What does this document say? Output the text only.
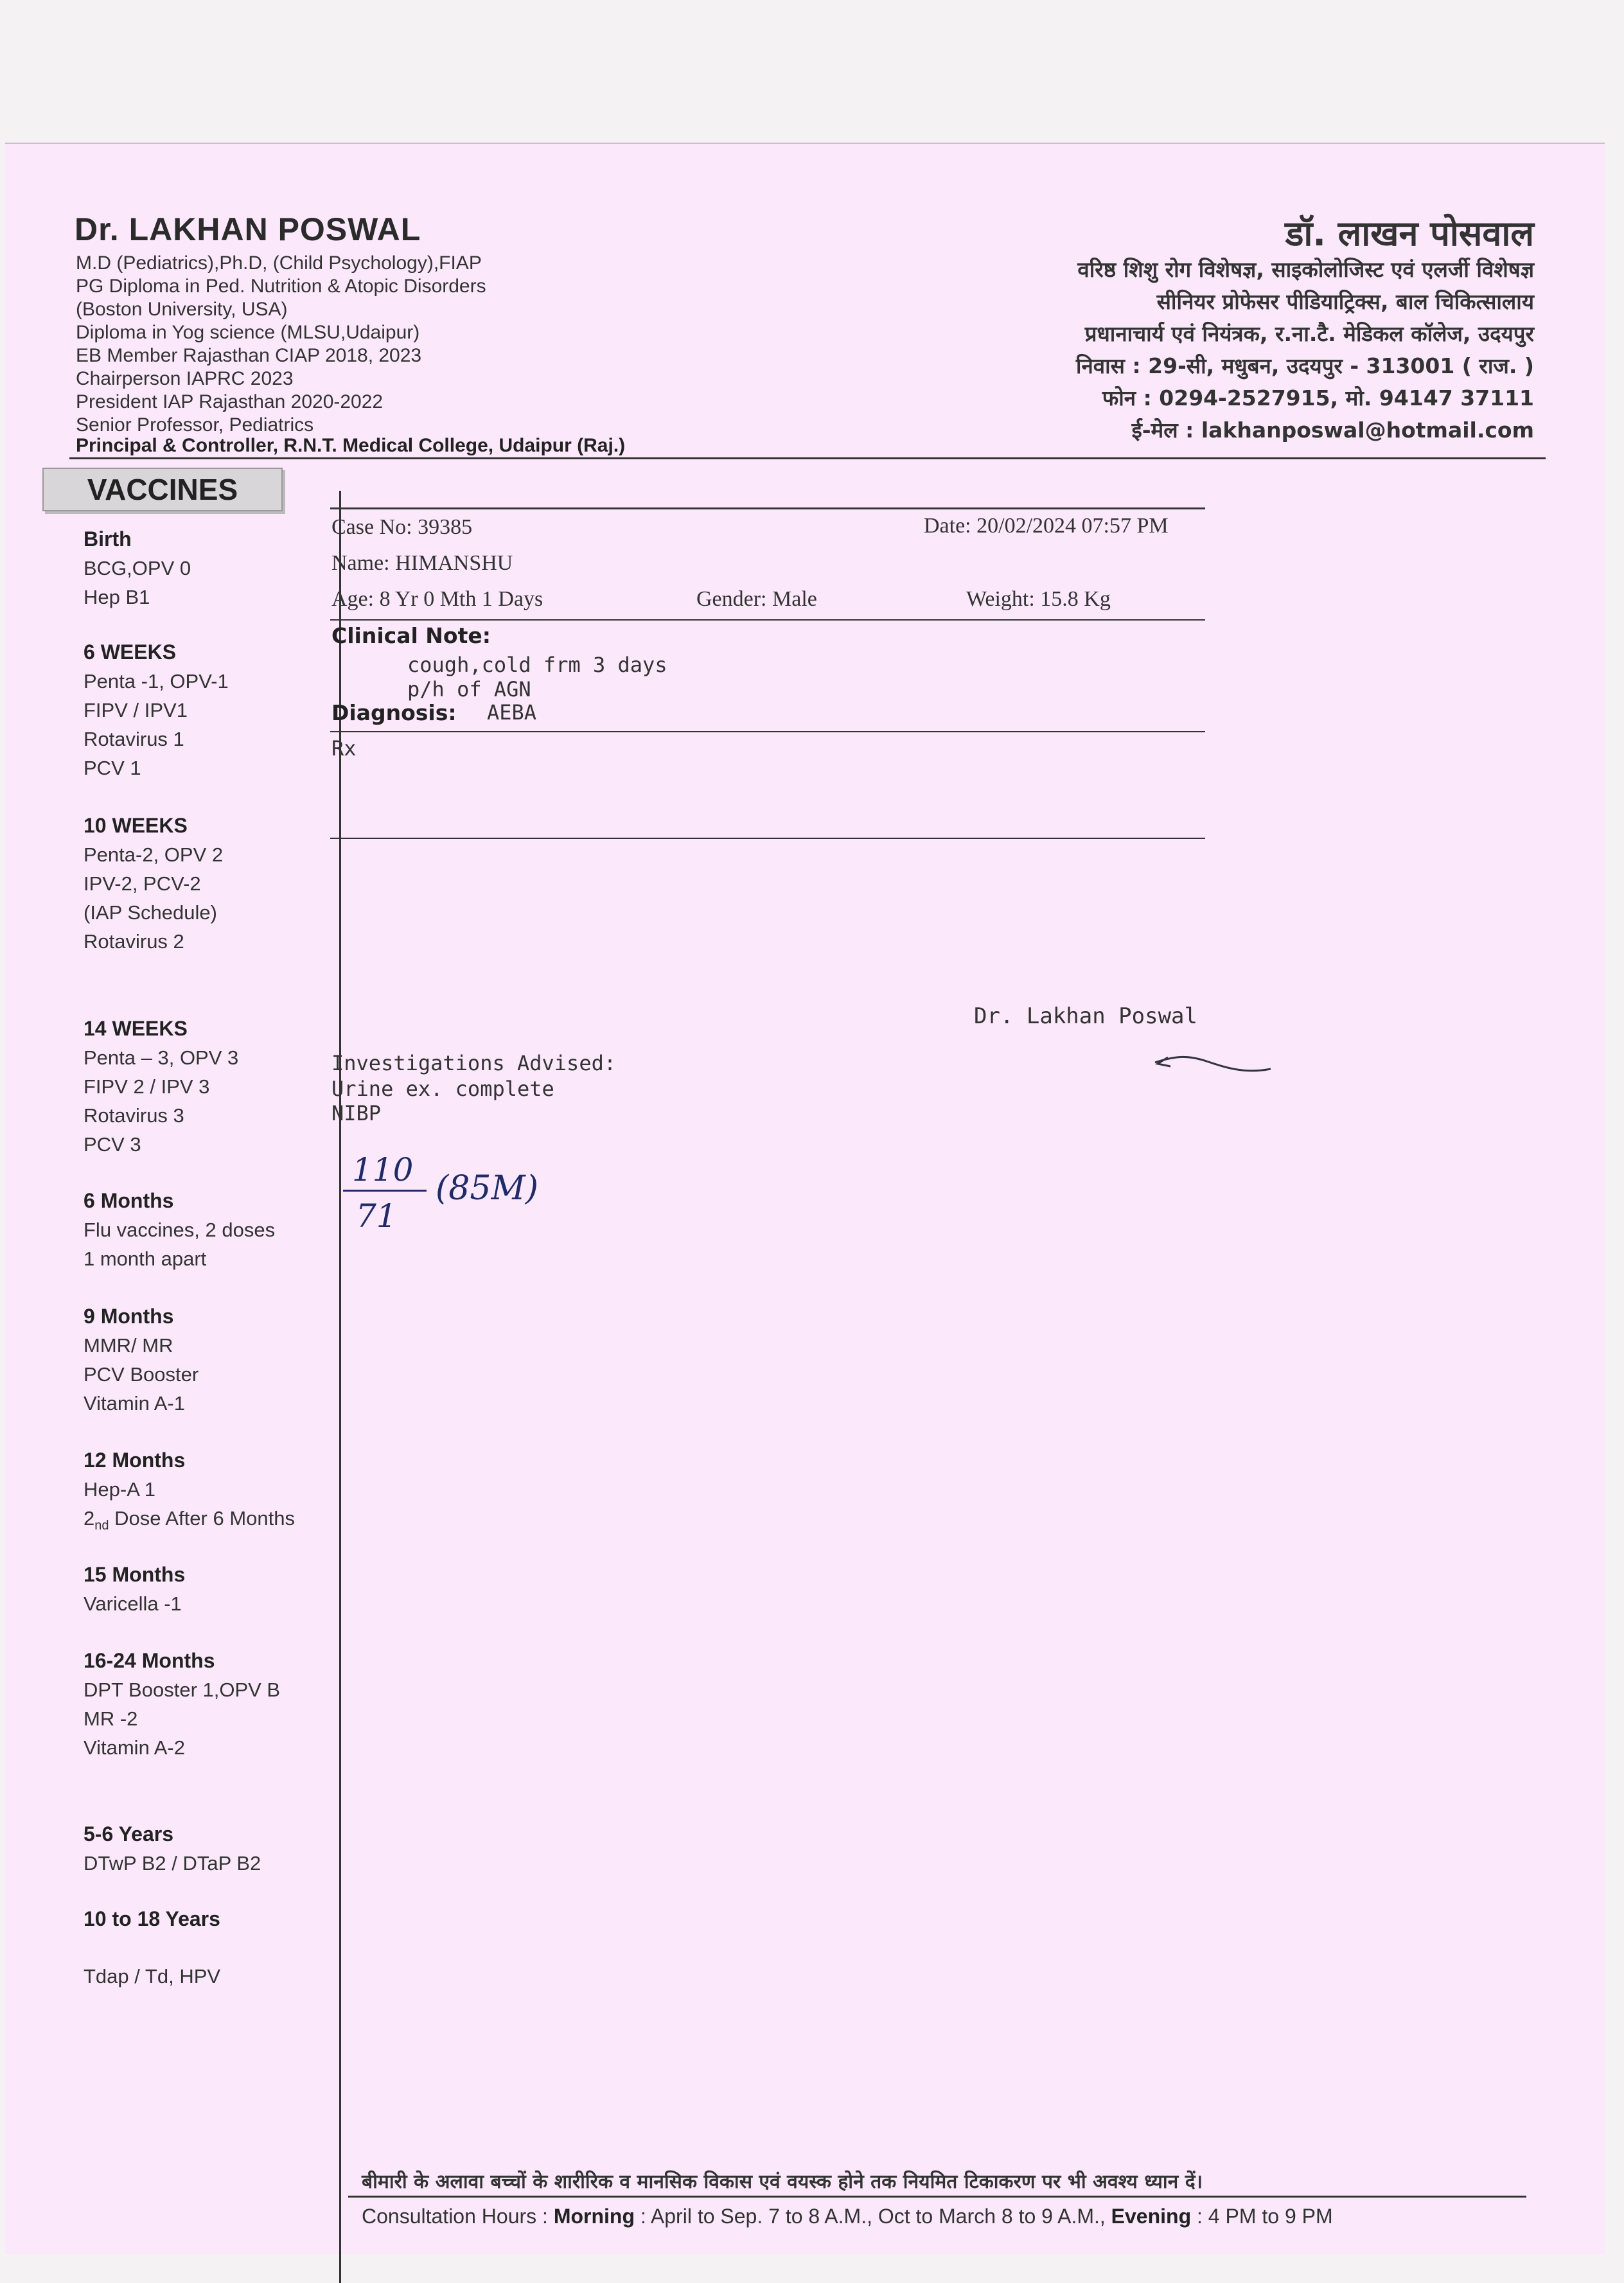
Dr. LAKHAN POSWAL
M.D (Pediatrics),Ph.D, (Child Psychology),FIAP
PG Diploma in Ped. Nutrition & Atopic Disorders
(Boston University, USA)
Diploma in Yog science (MLSU,Udaipur)
EB Member Rajasthan CIAP 2018, 2023
Chairperson IAPRC 2023
President IAP Rajasthan 2020-2022
Senior Professor, Pediatrics
Principal & Controller, R.N.T. Medical College, Udaipur (Raj.)
डॉ. लाखन पोसवाल
वरिष्ठ शिशु रोग विशेषज्ञ, साइकोलोजिस्ट एवं एलर्जी विशेषज्ञ
सीनियर प्रोफेसर पीडियाट्रिक्स, बाल चिकित्सालाय
प्रधानाचार्य एवं नियंत्रक, र.ना.टै. मेडिकल कॉलेज, उदयपुर
निवास : 29-सी, मधुबन, उदयपुर - 313001 ( राज. )
फोन : 0294-2527915, मो. 94147 37111
ई-मेल : lakhanposwal@hotmail.com
VACCINES
Birth
BCG,OPV 0
Hep B1
6 WEEKS
Penta -1, OPV-1
FIPV / IPV1
Rotavirus 1
PCV 1
10 WEEKS
Penta-2, OPV 2
IPV-2, PCV-2
(IAP Schedule)
Rotavirus 2
14 WEEKS
Penta – 3, OPV 3
FIPV 2 / IPV 3
Rotavirus 3
PCV 3
6 Months
Flu vaccines, 2 doses
1 month apart
9 Months
MMR/ MR
PCV Booster
Vitamin A-1
12 Months
Hep-A 1
$2_{nd}$ Dose After 6 Months
15 Months
Varicella -1
16-24 Months
DPT Booster 1,OPV B
MR -2
Vitamin A-2
5-6 Years
DTwP B2 / DTaP B2
10 to 18 Years
Tdap / Td, HPV
Case No: 39385	Date: 20/02/2024 07:57 PM
Name: HIMANSHU
Age: 8 Yr 0 Mth 1 Days	Gender: Male	Weight: 15.8 Kg
Clinical Note:
cough,cold frm 3 days
p/h of AGN
Diagnosis: AEBA
Rx
Dr. Lakhan Poswal
Investigations Advised:
Urine ex. complete
NIBP
110
71
(85M)
बीमारी के अलावा बच्चों के शारीरिक व मानसिक विकास एवं वयस्क होने तक नियमित टिकाकरण पर भी अवश्य ध्यान दें।
Consultation Hours : Morning : April to Sep. 7 to 8 A.M., Oct to March 8 to 9 A.M., Evening : 4 PM to 9 PM
